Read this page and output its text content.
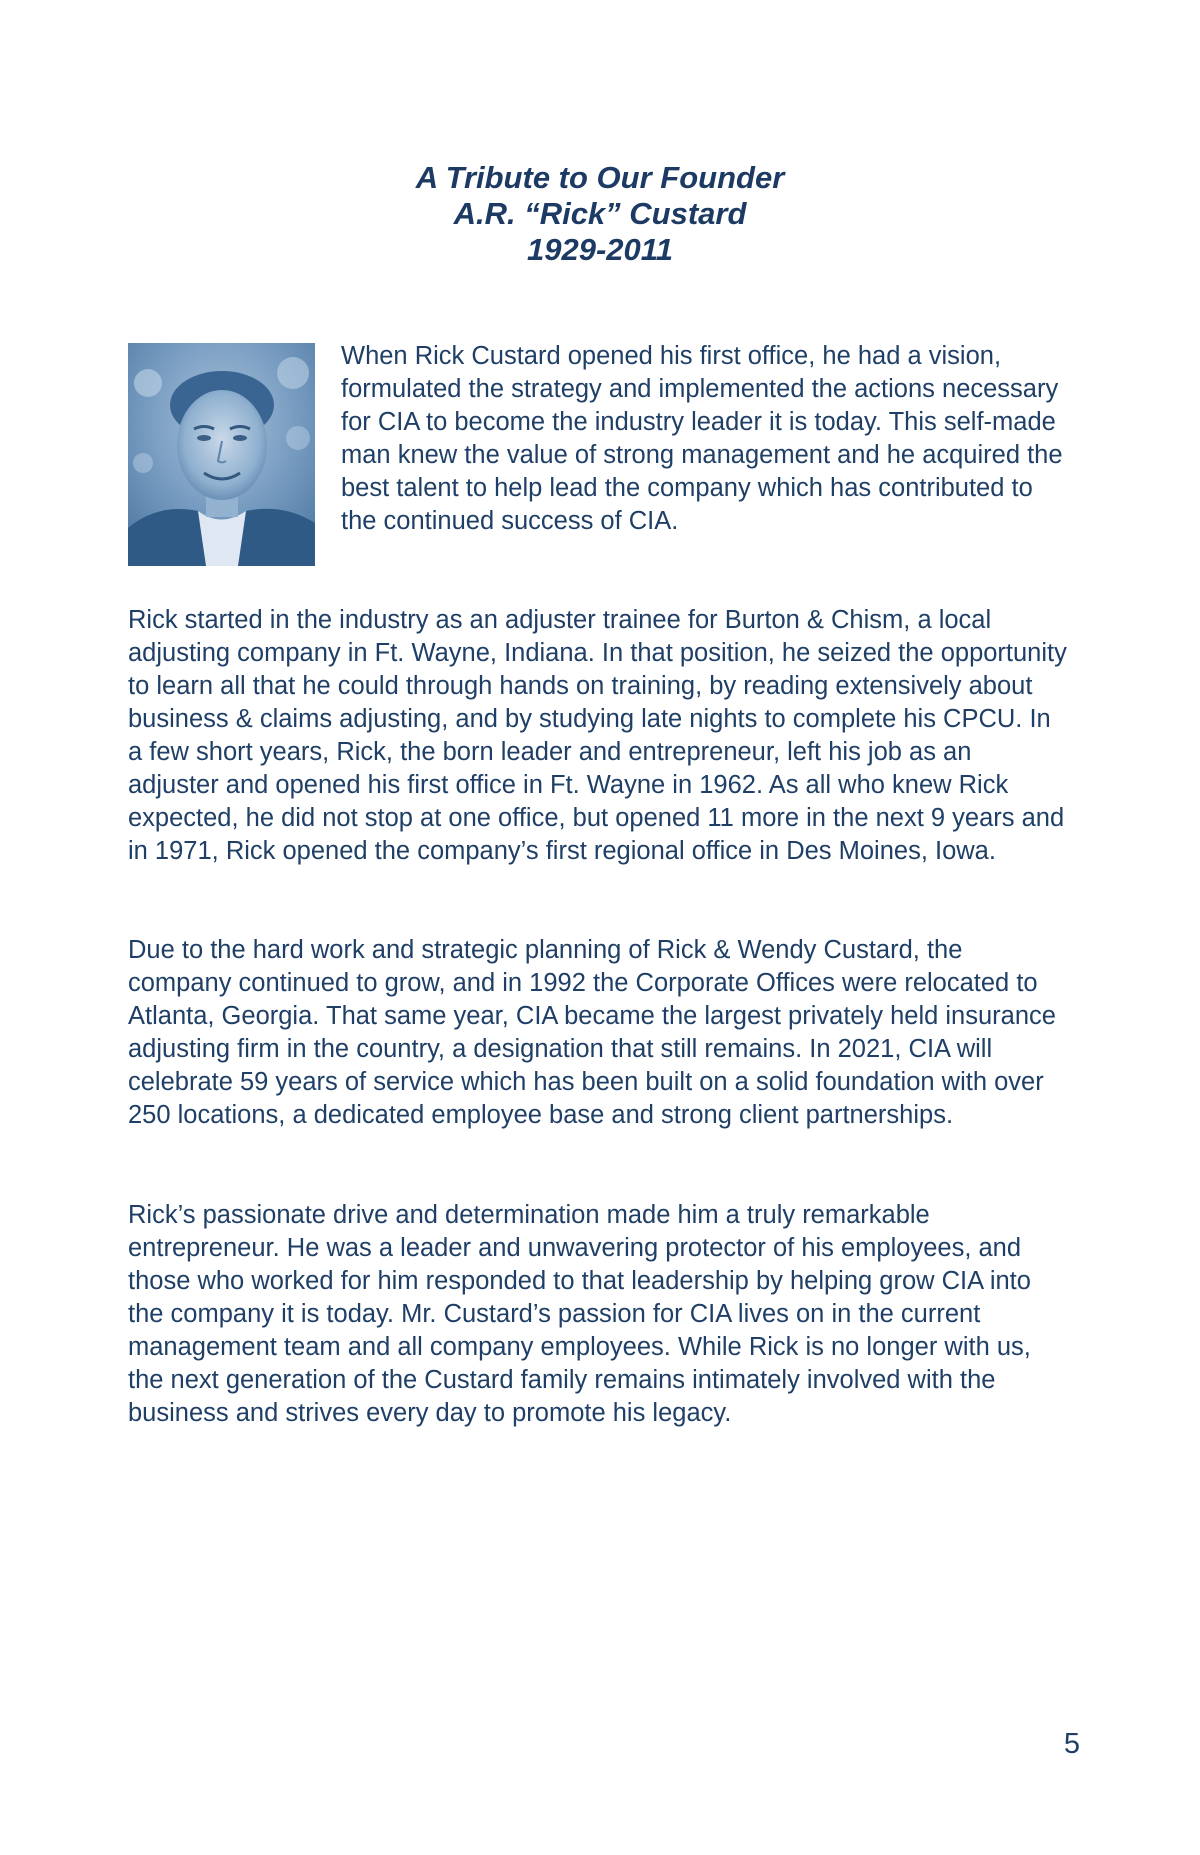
A Tribute to Our Founder
A.R. “Rick” Custard
1929-2011

When Rick Custard opened his first office, he had a vision, formulated the strategy and implemented the actions necessary for CIA to become the industry leader it is today. This self-made man knew the value of strong management and he acquired the best talent to help lead the company which has contributed to the continued success of CIA.

Rick started in the industry as an adjuster trainee for Burton & Chism, a local adjusting company in Ft. Wayne, Indiana. In that position, he seized the opportunity to learn all that he could through hands on training, by reading extensively about business & claims adjusting, and by studying late nights to complete his CPCU. In a few short years, Rick, the born leader and entrepreneur, left his job as an adjuster and opened his first office in Ft. Wayne in 1962. As all who knew Rick expected, he did not stop at one office, but opened 11 more in the next 9 years and in 1971, Rick opened the company’s first regional office in Des Moines, Iowa.

Due to the hard work and strategic planning of Rick & Wendy Custard, the company continued to grow, and in 1992 the Corporate Offices were relocated to Atlanta, Georgia. That same year, CIA became the largest privately held insurance adjusting firm in the country, a designation that still remains. In 2021, CIA will celebrate 59 years of service which has been built on a solid foundation with over 250 locations, a dedicated employee base and strong client partnerships.

Rick’s passionate drive and determination made him a truly remarkable entrepreneur. He was a leader and unwavering protector of his employees, and those who worked for him responded to that leadership by helping grow CIA into the company it is today. Mr. Custard’s passion for CIA lives on in the current management team and all company employees. While Rick is no longer with us, the next generation of the Custard family remains intimately involved with the business and strives every day to promote his legacy.

5
